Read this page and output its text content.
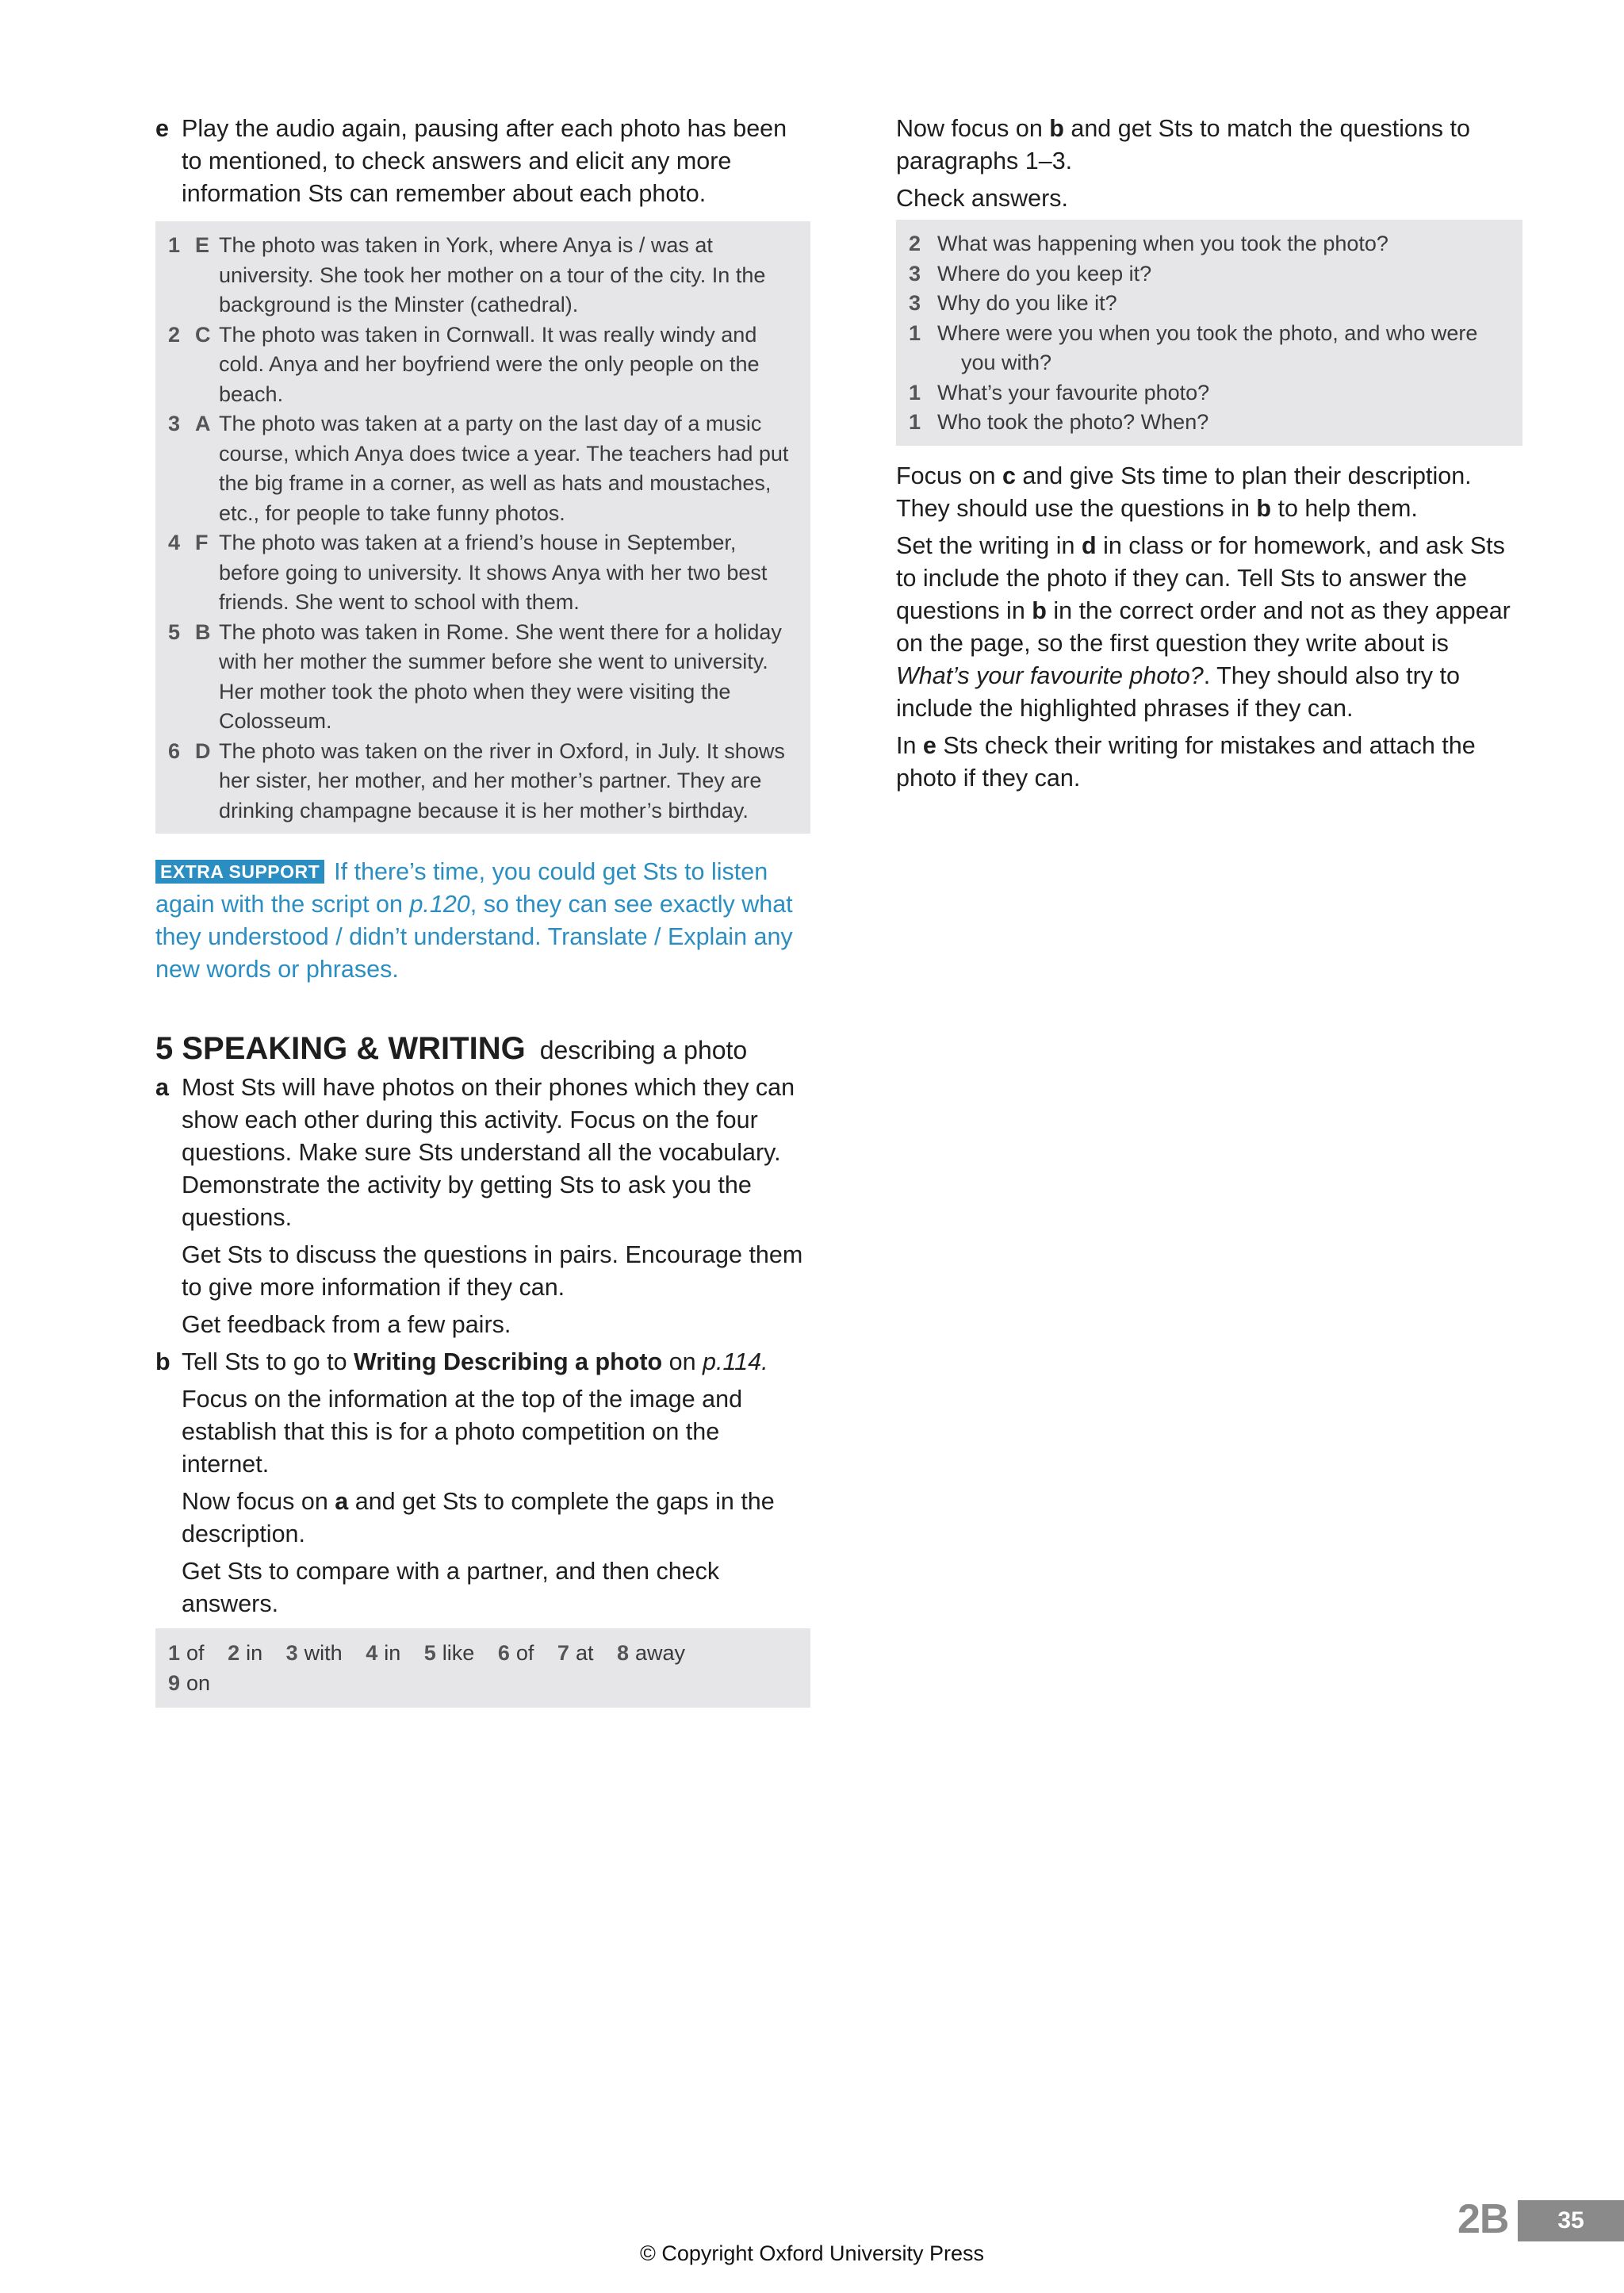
e Play the audio again, pausing after each photo has been to mentioned, to check answers and elicit any more information Sts can remember about each photo.

1 E The photo was taken in York, where Anya is / was at university. She took her mother on a tour of the city. In the background is the Minster (cathedral).
2 C The photo was taken in Cornwall. It was really windy and cold. Anya and her boyfriend were the only people on the beach.
3 A The photo was taken at a party on the last day of a music course, which Anya does twice a year. The teachers had put the big frame in a corner, as well as hats and moustaches, etc., for people to take funny photos.
4 F The photo was taken at a friend’s house in September, before going to university. It shows Anya with her two best friends. She went to school with them.
5 B The photo was taken in Rome. She went there for a holiday with her mother the summer before she went to university. Her mother took the photo when they were visiting the Colosseum.
6 D The photo was taken on the river in Oxford, in July. It shows her sister, her mother, and her mother’s partner. They are drinking champagne because it is her mother’s birthday.

EXTRA SUPPORT If there’s time, you could get Sts to listen again with the script on p.120, so they can see exactly what they understood / didn’t understand. Translate / Explain any new words or phrases.

5 SPEAKING & WRITING describing a photo
a Most Sts will have photos on their phones which they can show each other during this activity. Focus on the four questions. Make sure Sts understand all the vocabulary. Demonstrate the activity by getting Sts to ask you the questions.

Get Sts to discuss the questions in pairs. Encourage them to give more information if they can.

Get feedback from a few pairs.

b Tell Sts to go to Writing Describing a photo on p.114.

Focus on the information at the top of the image and establish that this is for a photo competition on the internet.

Now focus on a and get Sts to complete the gaps in the description.

Get Sts to compare with a partner, and then check answers.

1 of 2 in 3 with 4 in 5 like 6 of 7 at 8 away
9 on

Now focus on b and get Sts to match the questions to paragraphs 1–3.

Check answers.

2 What was happening when you took the photo?
3 Where do you keep it?
3 Why do you like it?
1 Where were you when you took the photo, and who were
you with?
1 What’s your favourite photo?
1 Who took the photo? When?

Focus on c and give Sts time to plan their description. They should use the questions in b to help them.

Set the writing in d in class or for homework, and ask Sts to include the photo if they can. Tell Sts to answer the questions in b in the correct order and not as they appear on the page, so the first question they write about is What’s your favourite photo?. They should also try to include the highlighted phrases if they can.

In e Sts check their writing for mistakes and attach the photo if they can.

2B	35
© Copyright Oxford University Press
